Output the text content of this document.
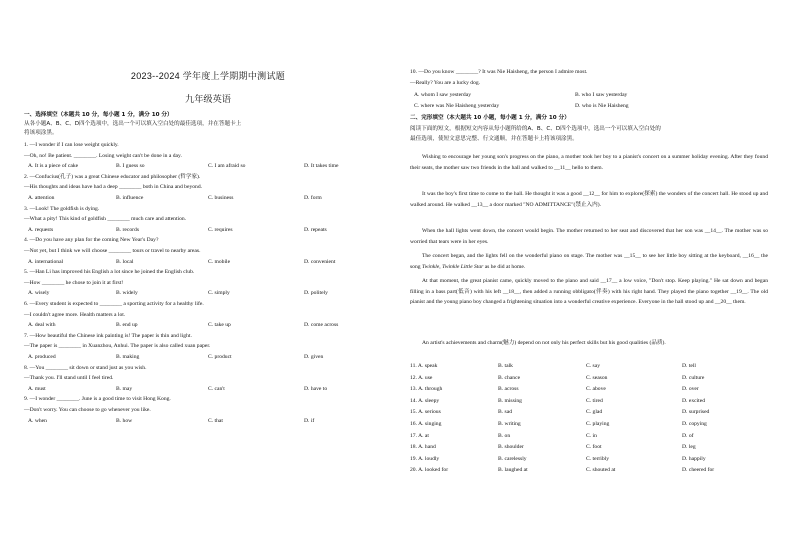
2023--2024 学年度上学期期中测试题
九年级英语
一、选择填空（本题共 10 分，每小题 1 分，满分 10 分）
从各小题A、B、C、D四个选项中，选出一个可以填入空白处的最佳选项，并在答题卡上
将该项涂黑。
1. —I wonder if I can lose weight quickly.
—Oh, no! Be patient. ________. Losing weight can't be done in a day.
A. It is a piece of cake	B. I guess so	C. I am afraid so	D. It takes time
2. —Confucius(孔子) was a great Chinese educator and philosopher (哲学家).
—His thoughts and ideas have had a deep ________ both in China and beyond.
A. attention	B. influence	C. business	D. form
3. —Look! The goldfish is dying.
—What a pity! This kind of goldfish ________ much care and attention.
A. requests	B. records	C. requires	D. repeats
4. —Do you have any plan for the coming New Year's Day?
—Not yet, but I think we will choose ________ tours or travel to nearby areas.
A. international	B. local	C. mobile	D. convenient
5. —Han Li has improved his English a lot since he joined the English club.
—How ________ he chose to join it at first!
A. wisely	B. widely	C. simply	D. politely
6. —Every student is expected to ________ a sporting activity for a healthy life.
—I couldn't agree more. Health matters a lot.
A. deal with	B. end up	C. take up	D. come across
7. —How beautiful the Chinese ink painting is! The paper is thin and light.
—The paper is ________ in Xuanzhou, Anhui. The paper is also called xuan paper.
A. produced	B. making	C. product	D. given
8. —You ________ sit down or stand just as you wish.
—Thank you. I'll stand until I feel tired.
A. must	B. may	C. can't	D. have to
9. —I wonder ________. June is a good time to visit Hong Kong.
—Don't worry. You can choose to go whenever you like.
A. when	B. how	C. that	D. if
10. —Do you know ________? It was Nie Haisheng, the person I admire most.
—Really? You are a lucky dog.
A. whom I saw yesterday	B. who I saw yesterday
C. where was Nie Haisheng yesterday	D. who is Nie Haisheng
二、完形填空（本大题共 10 小题，每小题 1 分，满分 10 分）
阅读下面的短文，根据短文内容从每小题所给的A、B、C、D四个选项中，选出一个可以填入空白处的
最佳选项，使短文意思完整、行文通顺，并在答题卡上将该项涂黑。
Wishing to encourage her young son's progress on the piano, a mother took her boy to a pianist's concert on a summer holiday evening. After they found their seats, the mother saw two friends in the hall and walked to __11__ hello to them.
It was the boy's first time to come to the hall. He thought it was a good __12__ for him to explore(探索) the wonders of the concert hall. He stood up and walked around. He walked __13__ a door marked "NO ADMITTANCE"(禁止入内).
When the hall lights went down, the concert would begin. The mother returned to her seat and discovered that her son was __14__. The mother was so worried that tears were in her eyes.
The concert began, and the lights fell on the wonderful piano on stage. The mother was __15__ to see her little boy sitting at the keyboard, __16__ the song Twinkle, Twinkle Little Star as he did at home.
At that moment, the great pianist came, quickly moved to the piano and said __17__ a low voice, "Don't stop. Keep playing." He sat down and began filling in a bass part(低音) with his left __18__, then added a running obbligato(伴奏) with his right hand. They played the piano together __19__. The old pianist and the young piano boy changed a frightening situation into a wonderful creative experience. Everyone in the hall stood up and __20__ them.
An artist's achievements and charm(魅力) depend on not only his perfect skills but his good qualities (品质).
11. A. speak	B. talk	C. say	D. tell
12. A. use	B. chance	C. season	D. culture
13. A. through	B. across	C. above	D. over
14. A. sleepy	B. missing	C. tired	D. excited
15. A. serious	B. sad	C. glad	D. surprised
16. A. singing	B. writing	C. playing	D. copying
17. A. at	B. on	C. in	D. of
18. A. hand	B. shoulder	C. foot	D. leg
19. A. loudly	B. carelessly	C. terribly	D. happily
20. A. looked for	B. laughed at	C. shouted at	D. cheered for
